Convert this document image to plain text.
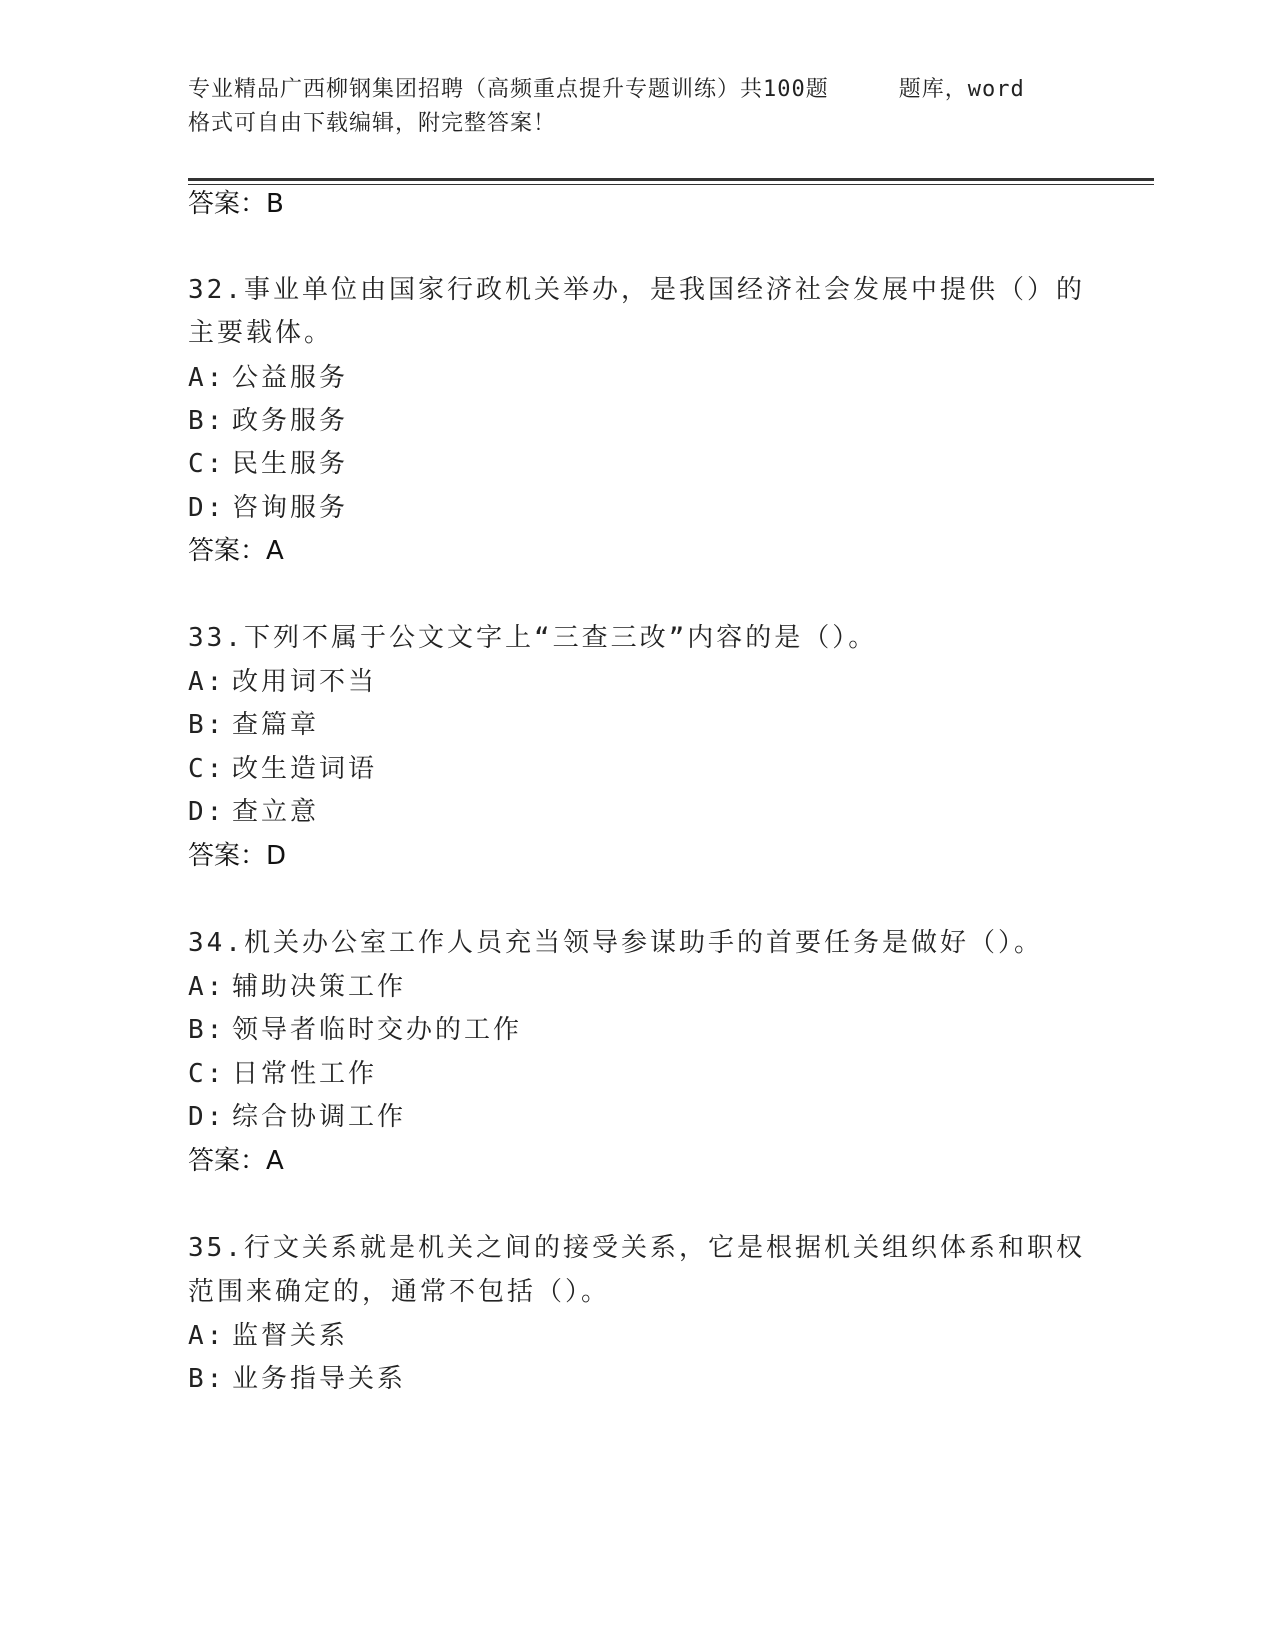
专业精品广西柳钢集团招聘（高频重点提升专题训练）共100题	题库，word
格式可自由下载编辑，附完整答案！
答案：B
32.事业单位由国家行政机关举办，是我国经济社会发展中提供（）的
主要载体。
A: 公益服务
B: 政务服务
C: 民生服务
D: 咨询服务
答案：A
33.下列不属于公文文字上“三查三改”内容的是（）。
A: 改用词不当
B: 查篇章
C: 改生造词语
D: 查立意
答案：D
34.机关办公室工作人员充当领导参谋助手的首要任务是做好（）。
A: 辅助决策工作
B: 领导者临时交办的工作
C: 日常性工作
D: 综合协调工作
答案：A
35.行文关系就是机关之间的接受关系，它是根据机关组织体系和职权
范围来确定的，通常不包括（）。
A: 监督关系
B: 业务指导关系
